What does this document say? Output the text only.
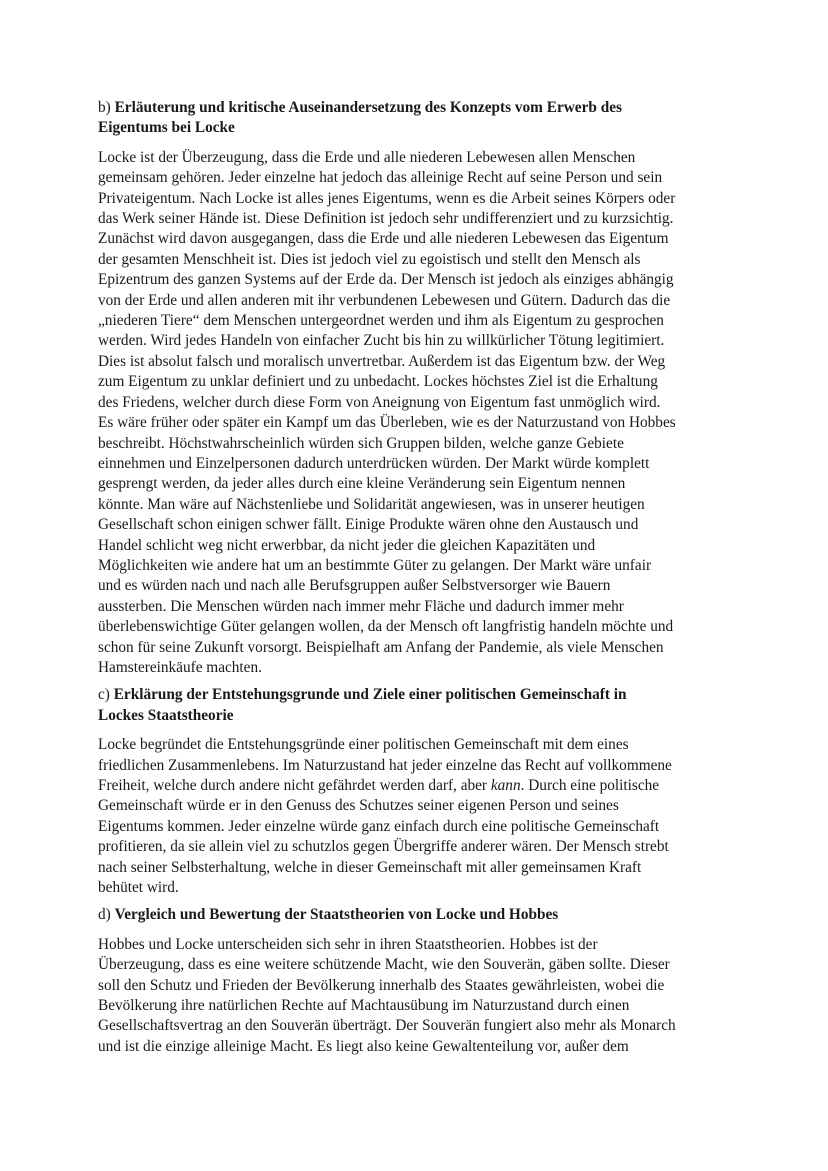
b) Erläuterung und kritische Auseinandersetzung des Konzepts vom Erwerb des
Eigentums bei Locke
Locke ist der Überzeugung, dass die Erde und alle niederen Lebewesen allen Menschen
gemeinsam gehören. Jeder einzelne hat jedoch das alleinige Recht auf seine Person und sein
Privateigentum. Nach Locke ist alles jenes Eigentums, wenn es die Arbeit seines Körpers oder
das Werk seiner Hände ist. Diese Definition ist jedoch sehr undifferenziert und zu kurzsichtig.
Zunächst wird davon ausgegangen, dass die Erde und alle niederen Lebewesen das Eigentum
der gesamten Menschheit ist. Dies ist jedoch viel zu egoistisch und stellt den Mensch als
Epizentrum des ganzen Systems auf der Erde da. Der Mensch ist jedoch als einziges abhängig
von der Erde und allen anderen mit ihr verbundenen Lebewesen und Gütern. Dadurch das die
„niederen Tiere“ dem Menschen untergeordnet werden und ihm als Eigentum zu gesprochen
werden. Wird jedes Handeln von einfacher Zucht bis hin zu willkürlicher Tötung legitimiert.
Dies ist absolut falsch und moralisch unvertretbar. Außerdem ist das Eigentum bzw. der Weg
zum Eigentum zu unklar definiert und zu unbedacht. Lockes höchstes Ziel ist die Erhaltung
des Friedens, welcher durch diese Form von Aneignung von Eigentum fast unmöglich wird.
Es wäre früher oder später ein Kampf um das Überleben, wie es der Naturzustand von Hobbes
beschreibt. Höchstwahrscheinlich würden sich Gruppen bilden, welche ganze Gebiete
einnehmen und Einzelpersonen dadurch unterdrücken würden. Der Markt würde komplett
gesprengt werden, da jeder alles durch eine kleine Veränderung sein Eigentum nennen
könnte. Man wäre auf Nächstenliebe und Solidarität angewiesen, was in unserer heutigen
Gesellschaft schon einigen schwer fällt. Einige Produkte wären ohne den Austausch und
Handel schlicht weg nicht erwerbbar, da nicht jeder die gleichen Kapazitäten und
Möglichkeiten wie andere hat um an bestimmte Güter zu gelangen. Der Markt wäre unfair
und es würden nach und nach alle Berufsgruppen außer Selbstversorger wie Bauern
aussterben. Die Menschen würden nach immer mehr Fläche und dadurch immer mehr
überlebenswichtige Güter gelangen wollen, da der Mensch oft langfristig handeln möchte und
schon für seine Zukunft vorsorgt. Beispielhaft am Anfang der Pandemie, als viele Menschen
Hamstereinkäufe machten.
c) Erklärung der Entstehungsgrunde und Ziele einer politischen Gemeinschaft in
Lockes Staatstheorie
Locke begründet die Entstehungsgründe einer politischen Gemeinschaft mit dem eines
friedlichen Zusammenlebens. Im Naturzustand hat jeder einzelne das Recht auf vollkommene
Freiheit, welche durch andere nicht gefährdet werden darf, aber kann. Durch eine politische
Gemeinschaft würde er in den Genuss des Schutzes seiner eigenen Person und seines
Eigentums kommen. Jeder einzelne würde ganz einfach durch eine politische Gemeinschaft
profitieren, da sie allein viel zu schutzlos gegen Übergriffe anderer wären. Der Mensch strebt
nach seiner Selbsterhaltung, welche in dieser Gemeinschaft mit aller gemeinsamen Kraft
behütet wird.
d) Vergleich und Bewertung der Staatstheorien von Locke und Hobbes
Hobbes und Locke unterscheiden sich sehr in ihren Staatstheorien. Hobbes ist der
Überzeugung, dass es eine weitere schützende Macht, wie den Souverän, gäben sollte. Dieser
soll den Schutz und Frieden der Bevölkerung innerhalb des Staates gewährleisten, wobei die
Bevölkerung ihre natürlichen Rechte auf Machtausübung im Naturzustand durch einen
Gesellschaftsvertrag an den Souverän überträgt. Der Souverän fungiert also mehr als Monarch
und ist die einzige alleinige Macht. Es liegt also keine Gewaltenteilung vor, außer dem
